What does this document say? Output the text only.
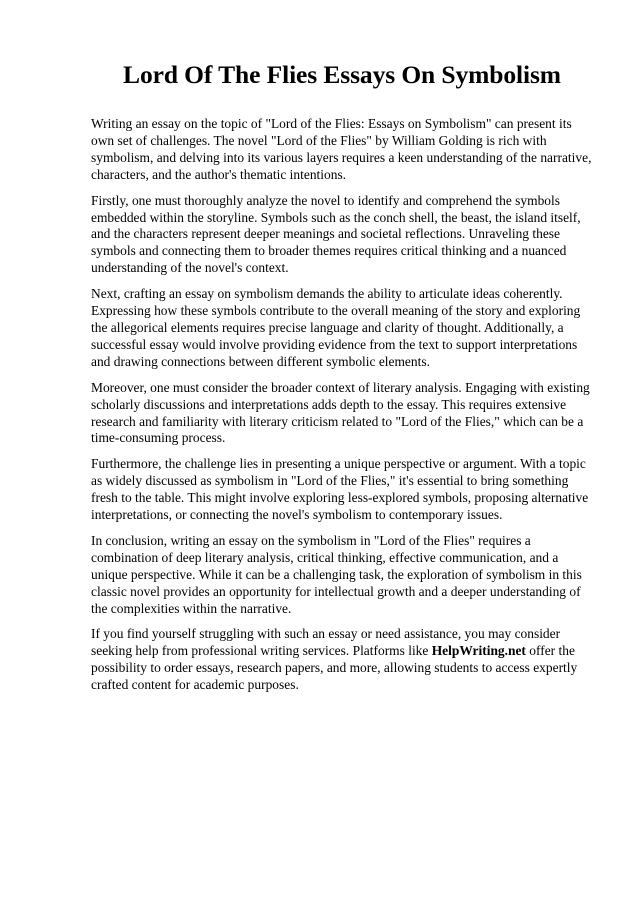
Lord Of The Flies Essays On Symbolism

Writing an essay on the topic of "Lord of the Flies: Essays on Symbolism" can present its own set of challenges. The novel "Lord of the Flies" by William Golding is rich with symbolism, and delving into its various layers requires a keen understanding of the narrative, characters, and the author's thematic intentions.

Firstly, one must thoroughly analyze the novel to identify and comprehend the symbols embedded within the storyline. Symbols such as the conch shell, the beast, the island itself, and the characters represent deeper meanings and societal reflections. Unraveling these symbols and connecting them to broader themes requires critical thinking and a nuanced understanding of the novel's context.

Next, crafting an essay on symbolism demands the ability to articulate ideas coherently. Expressing how these symbols contribute to the overall meaning of the story and exploring the allegorical elements requires precise language and clarity of thought. Additionally, a successful essay would involve providing evidence from the text to support interpretations and drawing connections between different symbolic elements.

Moreover, one must consider the broader context of literary analysis. Engaging with existing scholarly discussions and interpretations adds depth to the essay. This requires extensive research and familiarity with literary criticism related to "Lord of the Flies," which can be a time-consuming process.

Furthermore, the challenge lies in presenting a unique perspective or argument. With a topic as widely discussed as symbolism in "Lord of the Flies," it's essential to bring something fresh to the table. This might involve exploring less-explored symbols, proposing alternative interpretations, or connecting the novel's symbolism to contemporary issues.

In conclusion, writing an essay on the symbolism in "Lord of the Flies" requires a combination of deep literary analysis, critical thinking, effective communication, and a unique perspective. While it can be a challenging task, the exploration of symbolism in this classic novel provides an opportunity for intellectual growth and a deeper understanding of the complexities within the narrative.

If you find yourself struggling with such an essay or need assistance, you may consider seeking help from professional writing services. Platforms like HelpWriting.net offer the possibility to order essays, research papers, and more, allowing students to access expertly crafted content for academic purposes.
